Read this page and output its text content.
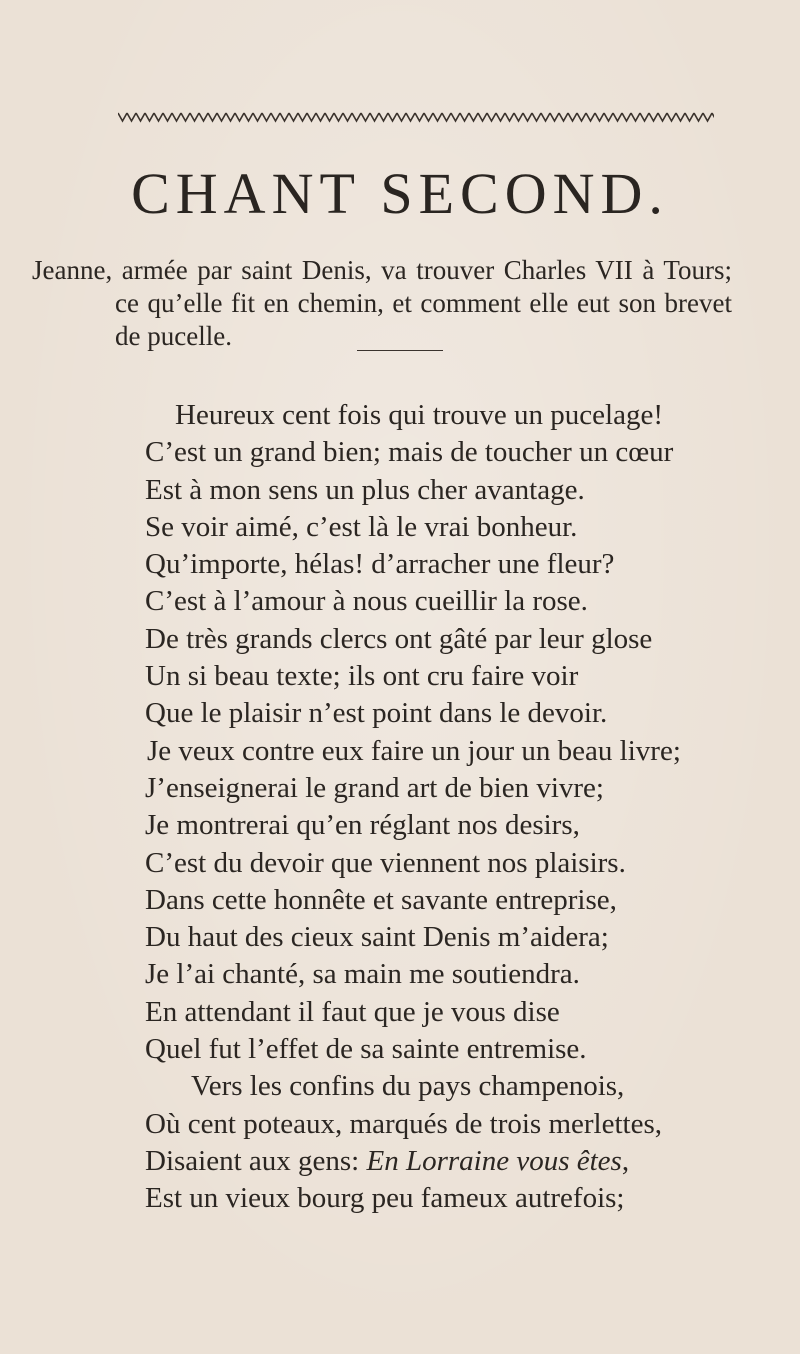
CHANT SECOND.

Jeanne, armée par saint Denis, va trouver Charles VII à Tours; ce qu’elle fit en chemin, et comment elle eut son brevet de pucelle.

Heureux cent fois qui trouve un pucelage!
C’est un grand bien; mais de toucher un cœur
Est à mon sens un plus cher avantage.
Se voir aimé, c’est là le vrai bonheur.
Qu’importe, hélas! d’arracher une fleur?
C’est à l’amour à nous cueillir la rose.
De très grands clercs ont gâté par leur glose
Un si beau texte; ils ont cru faire voir
Que le plaisir n’est point dans le devoir.
Je veux contre eux faire un jour un beau livre;
J’enseignerai le grand art de bien vivre;
Je montrerai qu’en réglant nos desirs,
C’est du devoir que viennent nos plaisirs.
Dans cette honnête et savante entreprise,
Du haut des cieux saint Denis m’aidera;
Je l’ai chanté, sa main me soutiendra.
En attendant il faut que je vous dise
Quel fut l’effet de sa sainte entremise.
Vers les confins du pays champenois,
Où cent poteaux, marqués de trois merlettes,
Disaient aux gens: En Lorraine vous êtes,
Est un vieux bourg peu fameux autrefois;
